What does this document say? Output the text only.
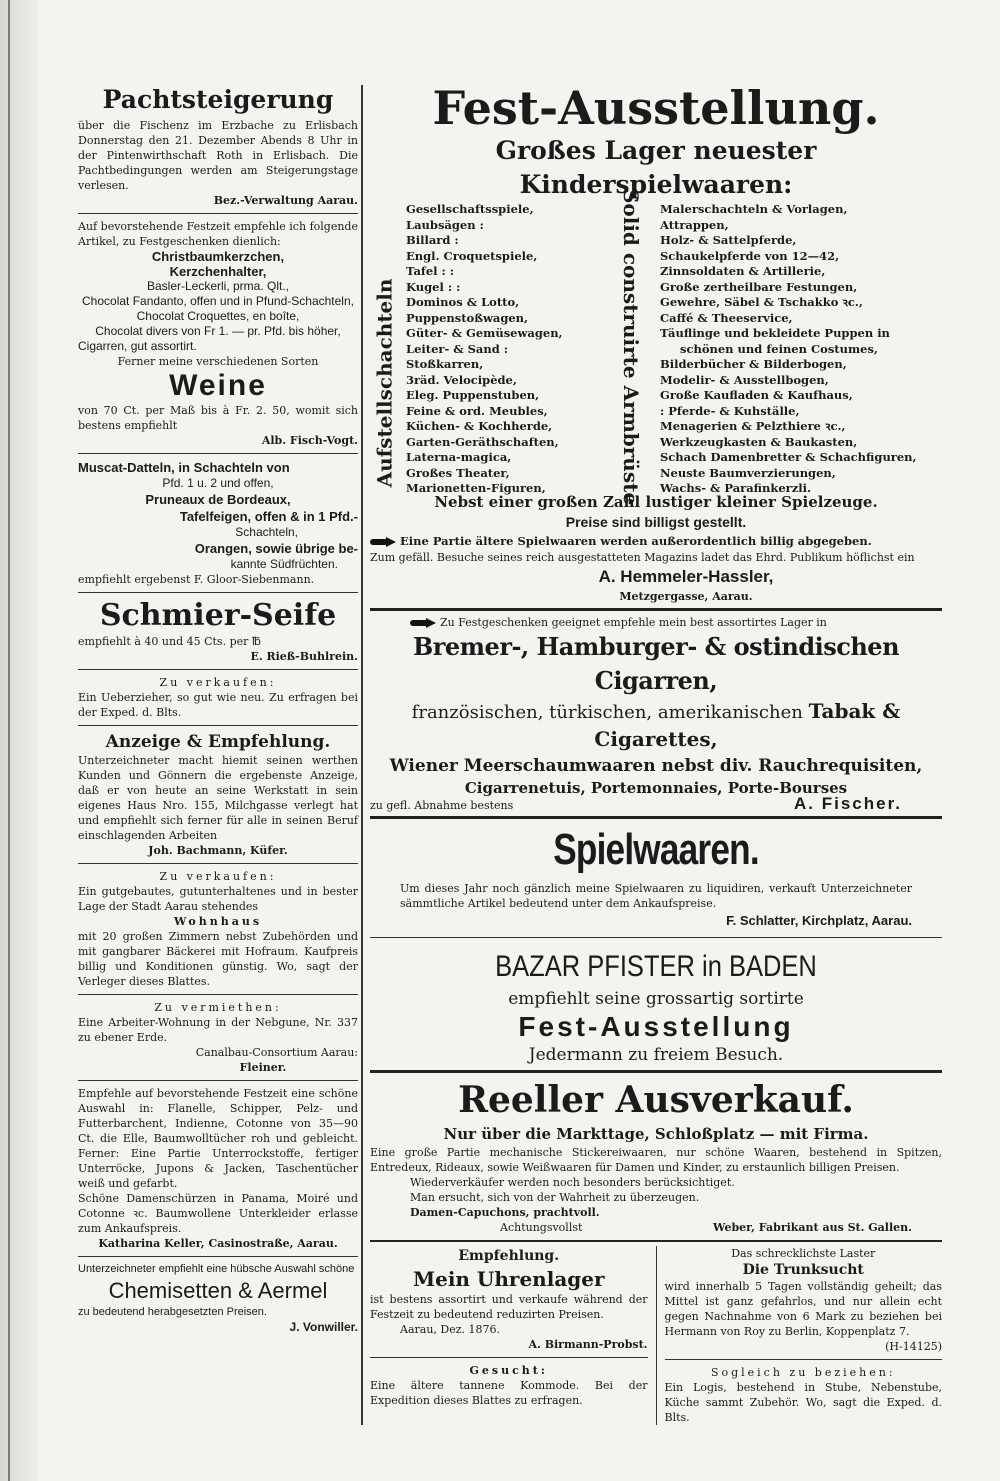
Pachtsteigerung

über die Fischenz im Erzbache zu Erlisbach Donnerstag den 21. Dezember Abends 8 Uhr in der Pintenwirthschaft Roth in Erlisbach. Die Pachtbedingungen werden am Steigerungstage verlesen.

Bez.-Verwaltung Aarau.

Auf bevorstehende Festzeit empfehle ich folgende Artikel, zu Festgeschenken dienlich:

Christbaumkerzchen,

Kerzchenhalter,

Basler-Leckerli, prma. Qlt.,

Chocolat Fandanto, offen und in Pfund-Schachteln,

Chocolat Croquettes, en boîte,

Chocolat divers von Fr 1. — pr. Pfd. bis höher,

Cigarren, gut assortirt.

Ferner meine verschiedenen Sorten

Weine

von 70 Ct. per Maß bis à Fr. 2. 50, womit sich bestens empfiehlt

Alb. Fisch-Vogt.

Muscat-Datteln, in Schachteln von

Pfd. 1 u. 2 und offen,

Pruneaux de Bordeaux,

Tafelfeigen, offen & in 1 Pfd.-

Schachteln,

Orangen, sowie übrige be-

kannte Südfrüchten.

empfiehlt ergebenst F. Gloor-Siebenmann.

Schmier-Seife

empfiehlt à 40 und 45 Cts. per ℔

E. Rieß-Buhlrein.

Zu verkaufen:

Ein Ueberzieher, so gut wie neu. Zu erfragen bei der Exped. d. Blts.

Anzeige & Empfehlung.

Unterzeichneter macht hiemit seinen werthen Kunden und Gönnern die ergebenste Anzeige, daß er von heute an seine Werkstatt in sein eigenes Haus Nro. 155, Milchgasse verlegt hat und empfiehlt sich ferner für alle in seinen Beruf einschlagenden Arbeiten

Joh. Bachmann, Küfer.

Zu verkaufen:

Ein gutgebautes, gutunterhaltenes und in bester Lage der Stadt Aarau stehendes

Wohnhaus

mit 20 großen Zimmern nebst Zubehörden und mit gangbarer Bäckerei mit Hofraum. Kaufpreis billig und Konditionen günstig. Wo, sagt der Verleger dieses Blattes.

Zu vermiethen:

Eine Arbeiter-Wohnung in der Nebgune, Nr. 337 zu ebener Erde.

Canalbau-Consortium Aarau:

Fleiner.

Empfehle auf bevorstehende Festzeit eine schöne Auswahl in: Flanelle, Schipper, Pelz- und Futterbarchent, Indienne, Cotonne von 35—90 Ct. die Elle, Baumwolltücher roh und gebleicht. Ferner: Eine Partie Unterrockstoffe, fertiger Unterröcke, Jupons & Jacken, Taschentücher weiß und gefarbt.

Schöne Damenschürzen in Panama, Moiré und Cotonne ꝛc. Baumwollene Unterkleider erlasse zum Ankaufspreis.

Katharina Keller, Casinostraße, Aarau.

Unterzeichneter empfiehlt eine hübsche Auswahl schöne

Chemisetten & Aermel

zu bedeutend herabgesetzten Preisen.

J. Vonwiller.

Fest-Ausstellung.

Großes Lager neuester Kinderspielwaaren:

Aufstellschachteln

Gesellschaftsspiele,

Laubsägen :

Billard :

Engl. Croquetspiele,

Tafel : :

Kugel : :

Dominos & Lotto,

Puppenstoßwagen,

Güter- & Gemüsewagen,

Leiter- & Sand :

Stoßkarren,

3räd. Velocipède,

Eleg. Puppenstuben,

Feine & ord. Meubles,

Küchen- & Kochherde,

Garten-Geräthschaften,

Laterna-magica,

Großes Theater,

Marionetten-Figuren,	Solid construirte Armbrüste Malerschachteln & Vorlagen,

Attrappen,

Holz- & Sattelpferde,

Schaukelpferde von 12—42,

Zinnsoldaten & Artillerie,

Große zertheilbare Festungen,

Gewehre, Säbel & Tschakko ꝛc.,

Caffé & Theeservice,

Täuflinge und bekleidete Puppen in

schönen und feinen Costumes,

Bilderbücher & Bilderbogen,

Modelir- & Ausstellbogen,

Große Kaufladen & Kaufhaus,

: Pferde- & Kuhställe,

Menagerien & Pelzthiere ꝛc.,

Werkzeugkasten & Baukasten,

Schach Damenbretter & Schachfiguren,

Neuste Baumverzierungen,

Wachs- & Parafinkerzli.

Nebst einer großen Zahl lustiger kleiner Spielzeuge.

Preise sind billigst gestellt.

Eine Partie ältere Spielwaaren werden außerordentlich billig abgegeben.

Zum gefäll. Besuche seines reich ausgestatteten Magazins ladet das Ehrd. Publikum höflichst ein

A. Hemmeler-Hassler,

Metzgergasse, Aarau.

Zu Festgeschenken geeignet empfehle mein best assortirtes Lager in

Bremer-, Hamburger- & ostindischen Cigarren,

französischen, türkischen, amerikanischen Tabak & Cigarettes,

Wiener Meerschaumwaaren nebst div. Rauchrequisiten,

Cigarrenetuis, Portemonnaies, Porte-Bourses

zu gefl. Abnahme bestens	A. Fischer.

Spielwaaren.

Um dieses Jahr noch gänzlich meine Spielwaaren zu liquidiren, verkauft Unterzeichneter sämmtliche Artikel bedeutend unter dem Ankaufspreise.

F. Schlatter, Kirchplatz, Aarau.

BAZAR PFISTER in BADEN

empfiehlt seine grossartig sortirte

Fest-Ausstellung

Jedermann zu freiem Besuch.

Reeller Ausverkauf.

Nur über die Markttage, Schloßplatz — mit Firma.

Eine große Partie mechanische Stickereiwaaren, nur schöne Waaren, bestehend in Spitzen, Entredeux, Rideaux, sowie Weißwaaren für Damen und Kinder, zu erstaunlich billigen Preisen.

Wiederverkäufer werden noch besonders berücksichtiget.

Man ersucht, sich von der Wahrheit zu überzeugen.

Damen-Capuchons, prachtvoll.

Achtungsvollst	Weber, Fabrikant aus St. Gallen.

Empfehlung.

Mein Uhrenlager

ist bestens assortirt und verkaufe während der Festzeit zu bedeutend reduzirten Preisen.

Aarau, Dez. 1876.

A. Birmann-Probst.

Gesucht:

Eine ältere tannene Kommode. Bei der Expedition dieses Blattes zu erfragen.

Das schrecklichste Laster

Die Trunksucht

wird innerhalb 5 Tagen vollständig geheilt; das Mittel ist ganz gefahrlos, und nur allein echt gegen Nachnahme von 6 Mark zu beziehen bei Hermann von Roy zu Berlin, Koppenplatz 7.

(H-14125)

Sogleich zu beziehen:

Ein Logis, bestehend in Stube, Nebenstube, Küche sammt Zubehör. Wo, sagt die Exped. d. Blts.
